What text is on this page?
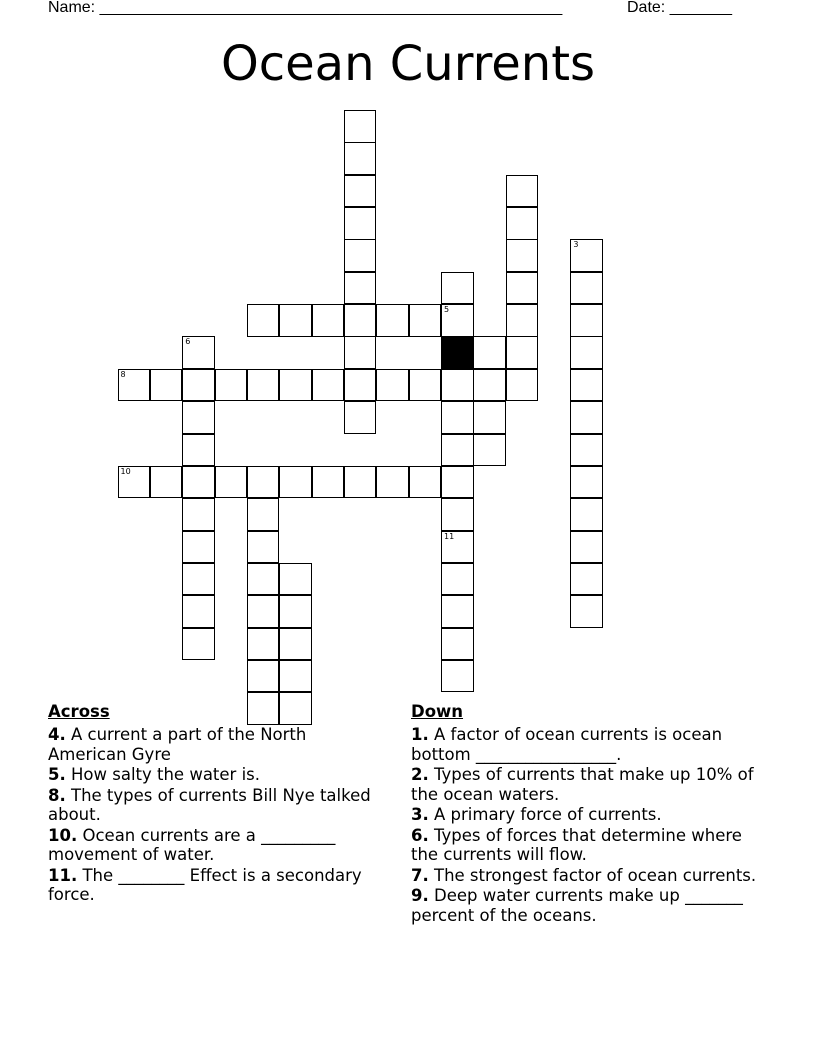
Name: ____________________________________________________	Date: _______
Ocean Currents
3
5
11
6
8
10
Across
4. A current a part of the North American Gyre
5. How salty the water is.
8. The types of currents Bill Nye talked about.
10. Ocean currents are a _________ movement of water.
11. The ________ Effect is a secondary force.
Down
1. A factor of ocean currents is ocean bottom _________________.
2. Types of currents that make up 10% of the ocean waters.
3. A primary force of currents.
6. Types of forces that determine where the currents will flow.
7. The strongest factor of ocean currents.
9. Deep water currents make up _______ percent of the oceans.
